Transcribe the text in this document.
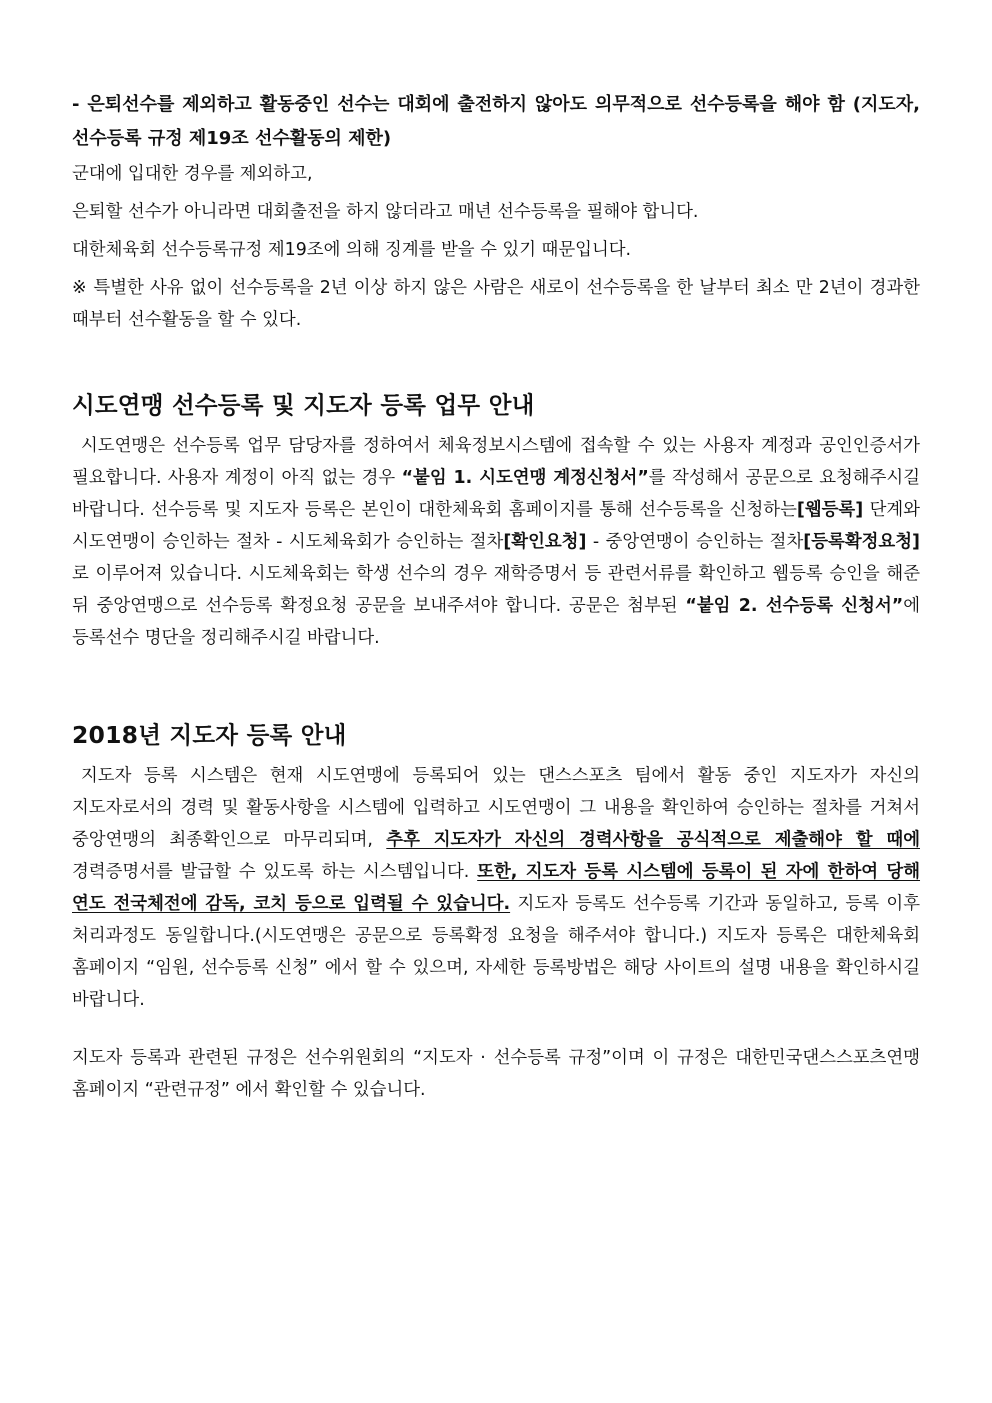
- 은퇴선수를 제외하고 활동중인 선수는 대회에 출전하지 않아도 의무적으로 선수등록을 해야 함 (지도자, 선수등록 규정 제19조 선수활동의 제한)

군대에 입대한 경우를 제외하고,

은퇴할 선수가 아니라면 대회출전을 하지 않더라고 매년 선수등록을 필해야 합니다.

대한체육회 선수등록규정 제19조에 의해 징계를 받을 수 있기 때문입니다.

※ 특별한 사유 없이 선수등록을 2년 이상 하지 않은 사람은 새로이 선수등록을 한 날부터 최소 만 2년이 경과한 때부터 선수활동을 할 수 있다.

시도연맹 선수등록 및 지도자 등록 업무 안내

시도연맹은 선수등록 업무 담당자를 정하여서 체육정보시스템에 접속할 수 있는 사용자 계정과 공인인증서가 필요합니다. 사용자 계정이 아직 없는 경우 “붙임 1. 시도연맹 계정신청서”를 작성해서 공문으로 요청해주시길 바랍니다. 선수등록 및 지도자 등록은 본인이 대한체육회 홈페이지를 통해 선수등록을 신청하는[웹등록] 단계와 시도연맹이 승인하는 절차 - 시도체육회가 승인하는 절차[확인요청] - 중앙연맹이 승인하는 절차[등록확정요청]로 이루어져 있습니다. 시도체육회는 학생 선수의 경우 재학증명서 등 관련서류를 확인하고 웹등록 승인을 해준 뒤 중앙연맹으로 선수등록 확정요청 공문을 보내주셔야 합니다. 공문은 첨부된 “붙임 2. 선수등록 신청서”에 등록선수 명단을 정리해주시길 바랍니다.

2018년 지도자 등록 안내

지도자 등록 시스템은 현재 시도연맹에 등록되어 있는 댄스스포츠 팀에서 활동 중인 지도자가 자신의 지도자로서의 경력 및 활동사항을 시스템에 입력하고 시도연맹이 그 내용을 확인하여 승인하는 절차를 거쳐서 중앙연맹의 최종확인으로 마무리되며, 추후 지도자가 자신의 경력사항을 공식적으로 제출해야 할 때에 경력증명서를 발급할 수 있도록 하는 시스템입니다. 또한, 지도자 등록 시스템에 등록이 된 자에 한하여 당해 연도 전국체전에 감독, 코치 등으로 입력될 수 있습니다. 지도자 등록도 선수등록 기간과 동일하고, 등록 이후 처리과정도 동일합니다.(시도연맹은 공문으로 등록확정 요청을 해주셔야 합니다.) 지도자 등록은 대한체육회 홈페이지 “임원, 선수등록 신청” 에서 할 수 있으며, 자세한 등록방법은 해당 사이트의 설명 내용을 확인하시길 바랍니다.

지도자 등록과 관련된 규정은 선수위원회의 “지도자 · 선수등록 규정”이며 이 규정은 대한민국댄스스포츠연맹 홈페이지 “관련규정” 에서 확인할 수 있습니다.
